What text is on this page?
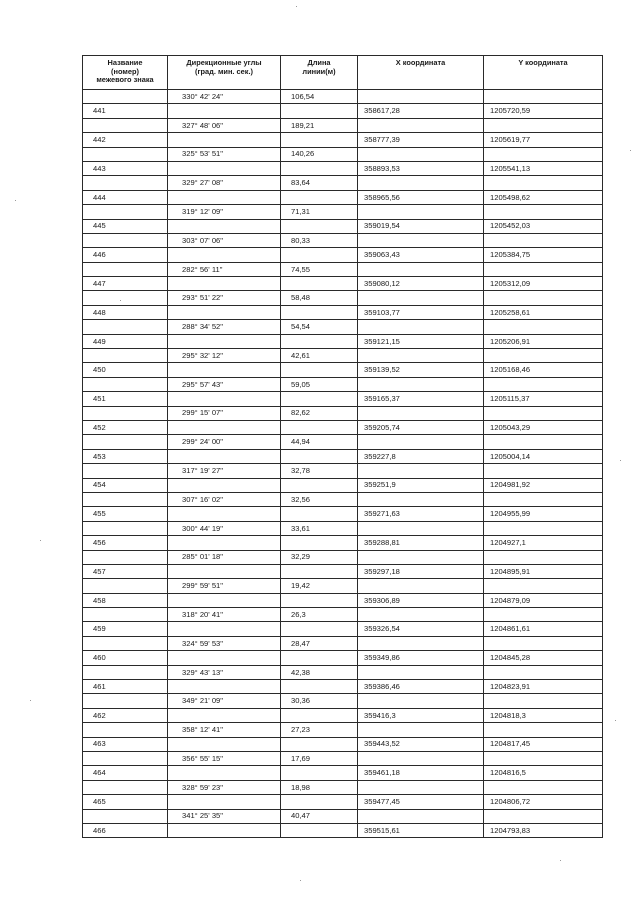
Название
(номер)
межевого знака	Дирекционные углы
(град. мин. сек.)	Длина
линии(м)	X координата	Y координата
	330° 42' 24"	106,54		
441			358617,28	1205720,59
	327° 48' 06"	189,21		
442			358777,39	1205619,77
	325° 53' 51"	140,26		
443			358893,53	1205541,13
	329° 27' 08"	83,64		
444			358965,56	1205498,62
	319° 12' 09"	71,31		
445			359019,54	1205452,03
	303° 07' 06"	80,33		
446			359063,43	1205384,75
	282° 56' 11"	74,55		
447			359080,12	1205312,09
	293° 51' 22"	58,48		
448			359103,77	1205258,61
	288° 34' 52"	54,54		
449			359121,15	1205206,91
	295° 32' 12"	42,61		
450			359139,52	1205168,46
	295° 57' 43"	59,05		
451			359165,37	1205115,37
	299° 15' 07"	82,62		
452			359205,74	1205043,29
	299° 24' 00"	44,94		
453			359227,8	1205004,14
	317° 19' 27"	32,78		
454			359251,9	1204981,92
	307° 16' 02"	32,56		
455			359271,63	1204955,99
	300° 44' 19"	33,61		
456			359288,81	1204927,1
	285° 01' 18"	32,29		
457			359297,18	1204895,91
	299° 59' 51"	19,42		
458			359306,89	1204879,09
	318° 20' 41"	26,3		
459			359326,54	1204861,61
	324° 59' 53"	28,47		
460			359349,86	1204845,28
	329° 43' 13"	42,38		
461			359386,46	1204823,91
	349° 21' 09"	30,36		
462			359416,3	1204818,3
	358° 12' 41"	27,23		
463			359443,52	1204817,45
	356° 55' 15"	17,69		
464			359461,18	1204816,5
	328° 59' 23"	18,98		
465			359477,45	1204806,72
	341° 25' 35"	40,47		
466			359515,61	1204793,83
